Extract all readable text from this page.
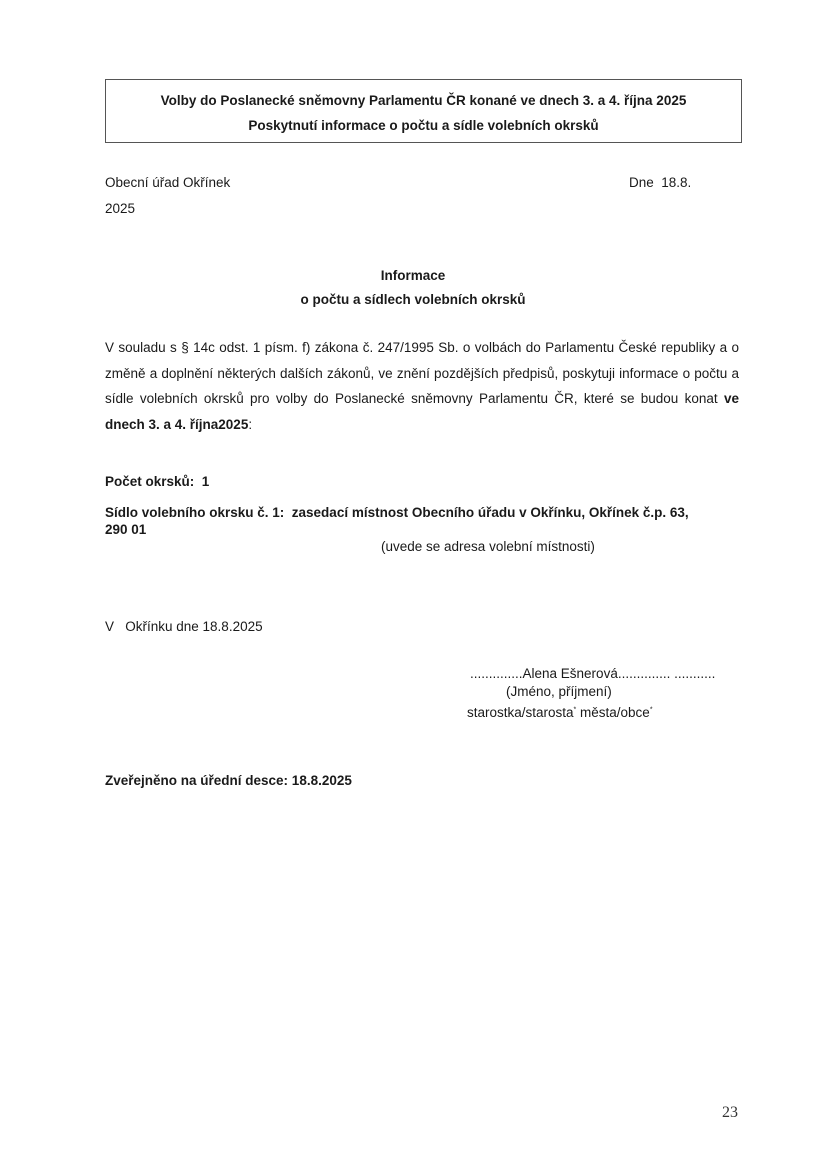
Volby do Poslanecké sněmovny Parlamentu ČR konané ve dnech 3. a 4. října 2025
Poskytnutí informace o počtu a sídle volebních okrsků
Obecní úřad Okřínek
2025
Dne  18.8.
Informace
o počtu a sídlech volebních okrsků
V souladu s § 14c odst. 1 písm. f) zákona č. 247/1995 Sb. o volbách do Parlamentu České republiky a o změně a doplnění některých dalších zákonů, ve znění pozdějších předpisů, poskytuji informace o počtu a sídle volebních okrsků pro volby do Poslanecké sněmovny Parlamentu ČR, které se budou konat ve dnech 3. a 4. října2025:
Počet okrsků:  1
Sídlo volebního okrsku č. 1:  zasedací místnost Obecního úřadu v Okřínku, Okřínek č.p. 63,
290 01
(uvede se adresa volební místnosti)
V   Okřínku dne 18.8.2025
..............Alena Ešnerová.............. ...........
(Jméno, příjmení)
starostka/starosta* města/obce*
Zveřejněno na úřední desce: 18.8.2025
23
